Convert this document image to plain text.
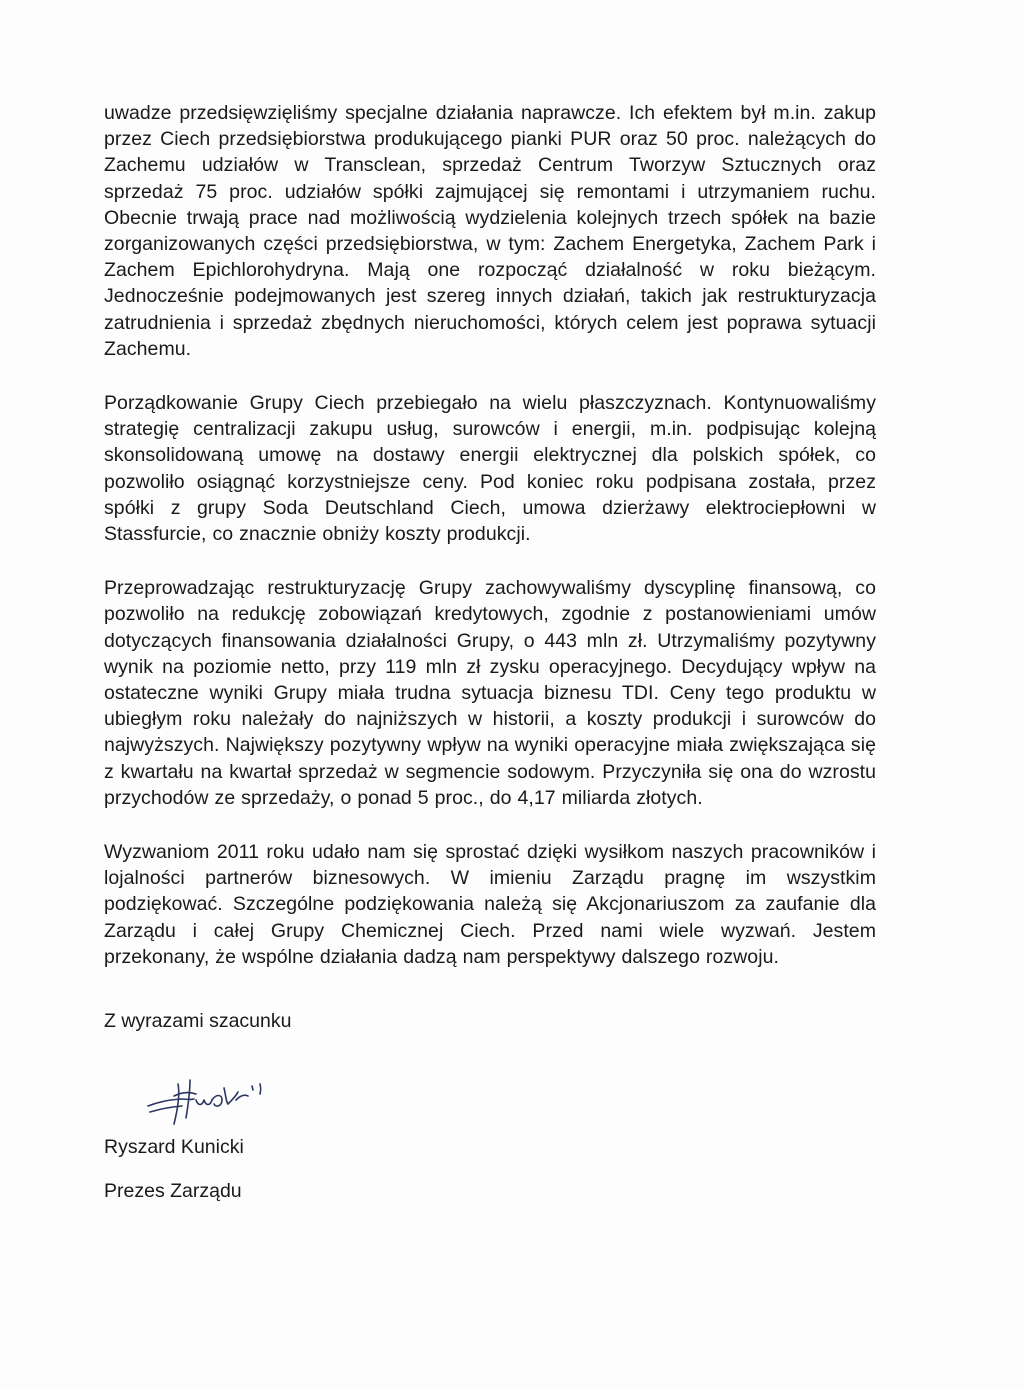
uwadze przedsięwzięliśmy specjalne działania naprawcze. Ich efektem był m.in. zakup przez Ciech przedsiębiorstwa produkującego pianki PUR oraz 50 proc. należących do Zachemu udziałów w Transclean, sprzedaż Centrum Tworzyw Sztucznych oraz sprzedaż 75 proc. udziałów spółki zajmującej się remontami i utrzymaniem ruchu. Obecnie trwają prace nad możliwością wydzielenia kolejnych trzech spółek na bazie zorganizowanych części przedsiębiorstwa, w tym: Zachem Energetyka, Zachem Park i Zachem Epichlorohydryna. Mają one rozpocząć działalność w roku bieżącym. Jednocześnie podejmowanych jest szereg innych działań, takich jak restrukturyzacja zatrudnienia i sprzedaż zbędnych nieruchomości, których celem jest poprawa sytuacji Zachemu.

Porządkowanie Grupy Ciech przebiegało na wielu płaszczyznach. Kontynuowaliśmy strategię centralizacji zakupu usług, surowców i energii, m.in. podpisując kolejną skonsolidowaną umowę na dostawy energii elektrycznej dla polskich spółek, co pozwoliło osiągnąć korzystniejsze ceny. Pod koniec roku podpisana została, przez spółki z grupy Soda Deutschland Ciech, umowa dzierżawy elektrociepłowni w Stassfurcie, co znacznie obniży koszty produkcji.

Przeprowadzając restrukturyzację Grupy zachowywaliśmy dyscyplinę finansową, co pozwoliło na redukcję zobowiązań kredytowych, zgodnie z postanowieniami umów dotyczących finansowania działalności Grupy, o 443 mln zł. Utrzymaliśmy pozytywny wynik na poziomie netto, przy 119 mln zł zysku operacyjnego. Decydujący wpływ na ostateczne wyniki Grupy miała trudna sytuacja biznesu TDI. Ceny tego produktu w ubiegłym roku należały do najniższych w historii, a koszty produkcji i surowców do najwyższych. Największy pozytywny wpływ na wyniki operacyjne miała zwiększająca się z kwartału na kwartał sprzedaż w segmencie sodowym. Przyczyniła się ona do wzrostu przychodów ze sprzedaży, o ponad 5 proc., do 4,17 miliarda złotych.

Wyzwaniom 2011 roku udało nam się sprostać dzięki wysiłkom naszych pracowników i lojalności partnerów biznesowych. W imieniu Zarządu pragnę im wszystkim podziękować. Szczególne podziękowania należą się Akcjonariuszom za zaufanie dla Zarządu i całej Grupy Chemicznej Ciech. Przed nami wiele wyzwań. Jestem przekonany, że wspólne działania dadzą nam perspektywy dalszego rozwoju.

Z wyrazami szacunku

Ryszard Kunicki

Prezes Zarządu
